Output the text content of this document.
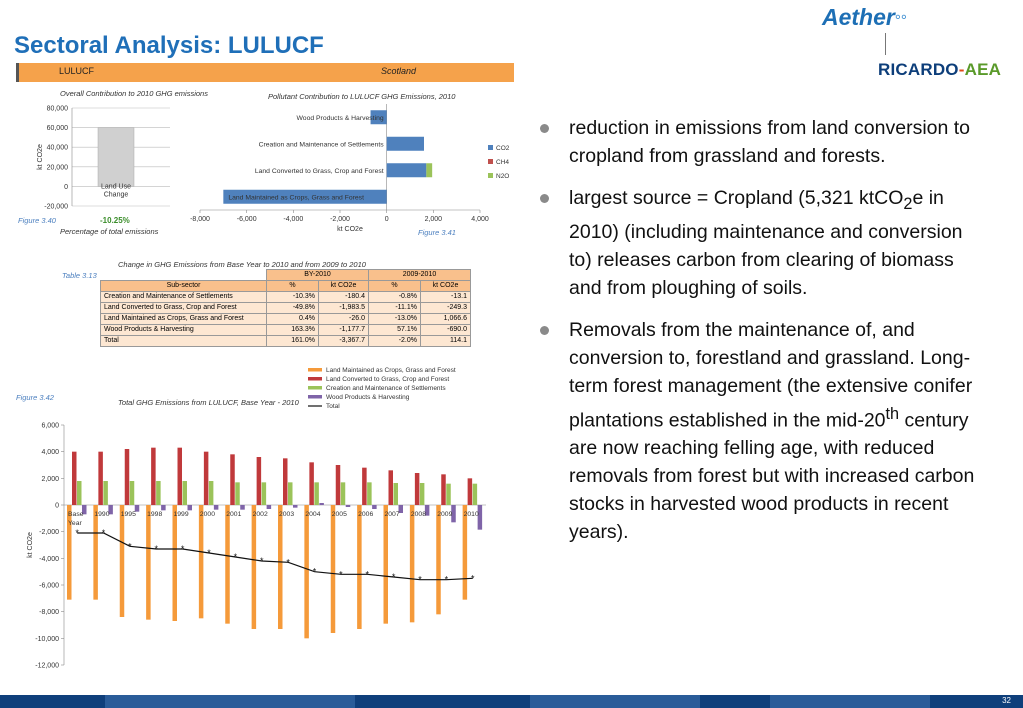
Sectoral Analysis: LULUCF
Aether°°
RICARDO-AEA
LULUCF	Scotland
Overall Contribution to 2010 GHG emissions
-20,000
0
20,000
40,000
60,000
80,000
Land Use
Change
kt CO2e
Figure 3.40	-10.25%
Percentage of total emissions
Pollutant Contribution to LULUCF GHG Emissions, 2010
-8,000	-6,000	-4,000	-2,000	0	2,000	4,000
kt CO2e
Wood Products & Harvesting
Creation and Maintenance of Settlements
Land Converted to Grass, Crop and Forest
Land Maintained as Crops, Grass and Forest
CO2
CH4
N2O
Figure 3.41
Change in GHG Emissions from Base Year to 2010 and from 2009 to 2010
Table 3.13
		BY-2010		2009-2010	
Sub-sector	%	kt CO2e	%	kt CO2e
Creation and Maintenance of Settlements	-10.3%	-180.4	-0.8%	-13.1
Land Converted to Grass, Crop and Forest	-49.8%	-1,983.5	-11.1%	-249.3
Land Maintained as Crops, Grass and Forest	0.4%	-26.0	-13.0%	1,066.6
Wood Products & Harvesting	163.3%	-1,177.7	57.1%	-690.0
Total	161.0%	-3,367.7	-2.0%	114.1
Figure 3.42
Total GHG Emissions from LULUCF, Base Year - 2010
-12,000
-10,000
-8,000
-6,000
-4,000
-2,000
0
2,000
4,000
6,000
kt CO2e
Base
Year
1990 1995 1998 1999 2000 2001 2002 2003 2004 2005 2006 2007 2008 2009 2010
*	*
*	*	*	*	*	*	*
*	*	*	*	*	*	*
Land Maintained as Crops, Grass and Forest
Land Converted to Grass, Crop and Forest
Creation and Maintenance of Settlements
Wood Products & Harvesting
Total
reduction in emissions from land conversion to cropland from grassland and forests.
largest source = Cropland (5,321 ktCO$_2$e in 2010) (including maintenance and conversion to) releases carbon from clearing of biomass and from ploughing of soils.
Removals from the maintenance of, and conversion to, forestland and grassland. Long-term forest management (the extensive conifer plantations established in the mid-20th century are now reaching felling age, with reduced removals from forest but with increased carbon stocks in harvested wood products in recent years).
32
